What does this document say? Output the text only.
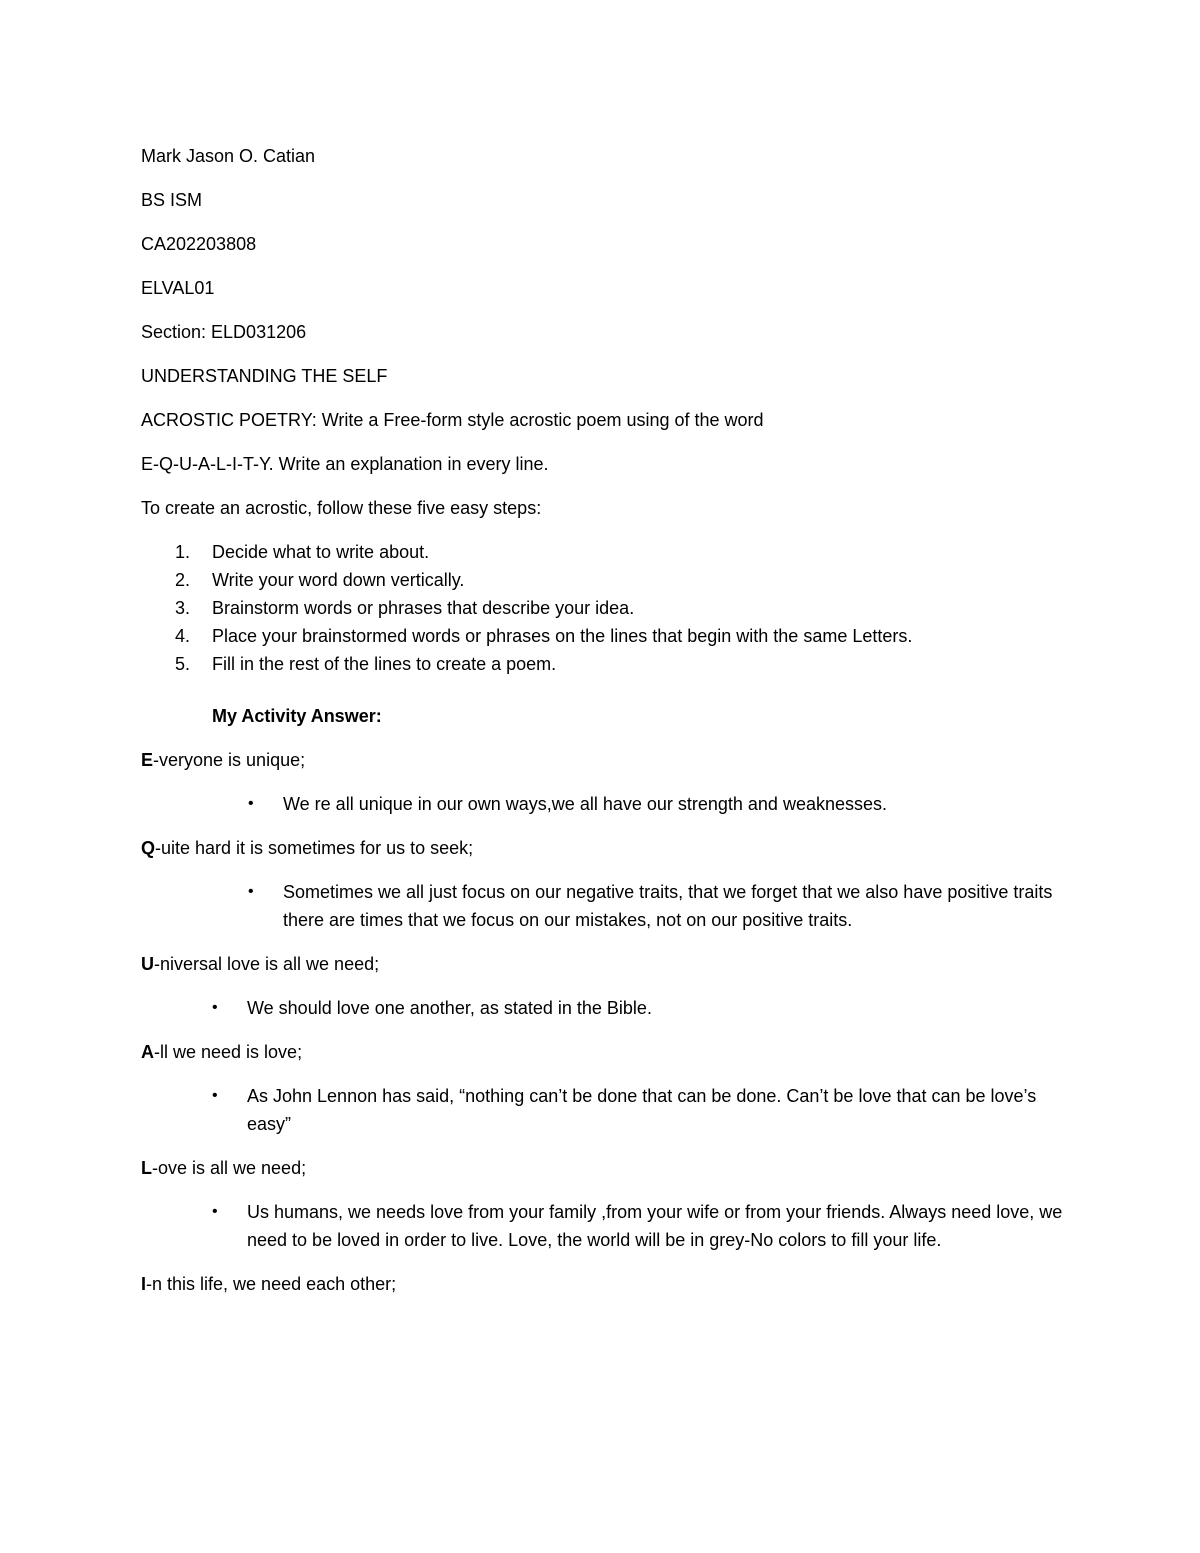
Mark Jason O. Catian

BS ISM

CA202203808

ELVAL01

Section: ELD031206

UNDERSTANDING THE SELF

ACROSTIC POETRY: Write a Free-form style acrostic poem using of the word

E-Q-U-A-L-I-T-Y. Write an explanation in every line.

To create an acrostic, follow these five easy steps:

1. Decide what to write about.
2. Write your word down vertically.
3. Brainstorm words or phrases that describe your idea.
4. Place your brainstormed words or phrases on the lines that begin with the same Letters.
5. Fill in the rest of the lines to create a poem.

My Activity Answer:

E-veryone is unique;

• We re all unique in our own ways,we all have our strength and weaknesses.

Q-uite hard it is sometimes for us to seek;

• Sometimes we all just focus on our negative traits, that we forget that we also have positive traits there are times that we focus on our mistakes, not on our positive traits.

U-niversal love is all we need;

• We should love one another, as stated in the Bible.

A-ll we need is love;

• As John Lennon has said, “nothing can’t be done that can be done. Can’t be love that can be love’s easy”

L-ove is all we need;

• Us humans, we needs love from your family ,from your wife or from your friends. Always need love, we need to be loved in order to live. Love, the world will be in grey-No colors to fill your life.

I-n this life, we need each other;
